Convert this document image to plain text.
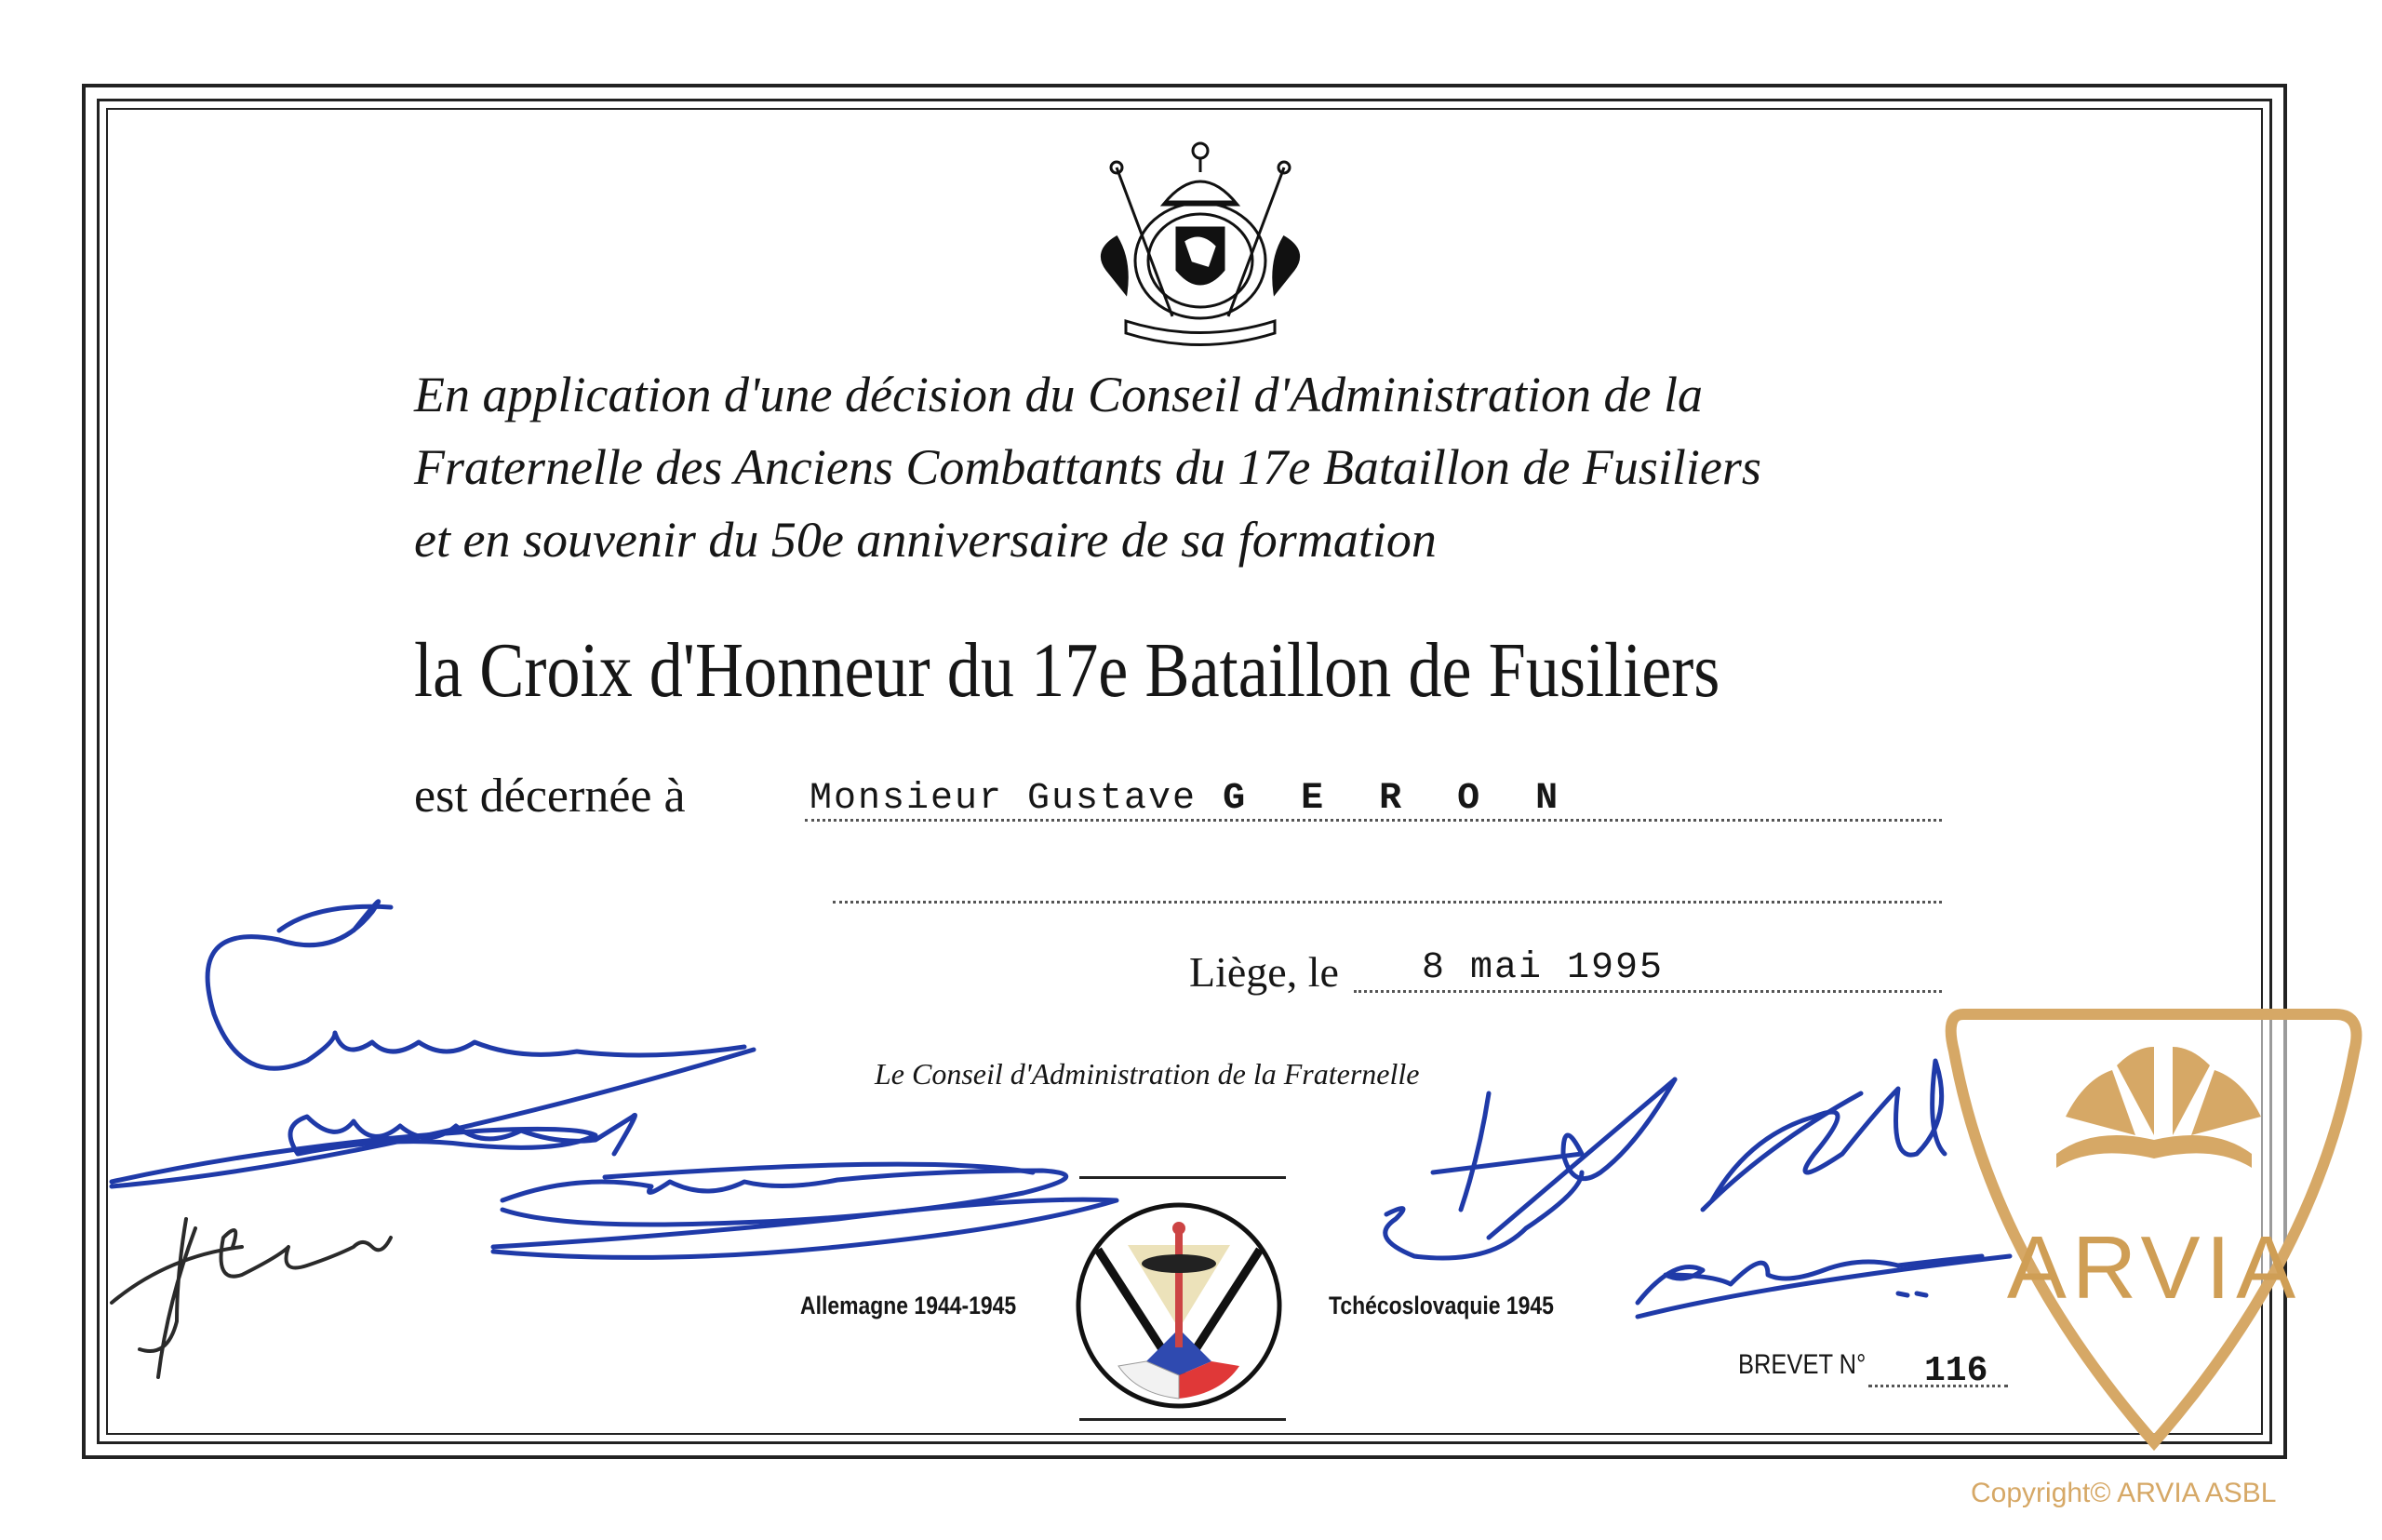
En application d'une décision du Conseil d'Administration de la
Fraternelle des Anciens Combattants du 17e Bataillon de Fusiliers
et en souvenir du 50e anniversaire de sa formation
la Croix d'Honneur du 17e Bataillon de Fusiliers
est décernée à	Monsieur Gustave G E R O N
Liège, le 8 mai 1995
Le Conseil d'Administration de la Fraternelle
Allemagne 1944-1945	Tchécoslovaquie 1945
BREVET N° 116
ARVIA
Copyright© ARVIA ASBL
